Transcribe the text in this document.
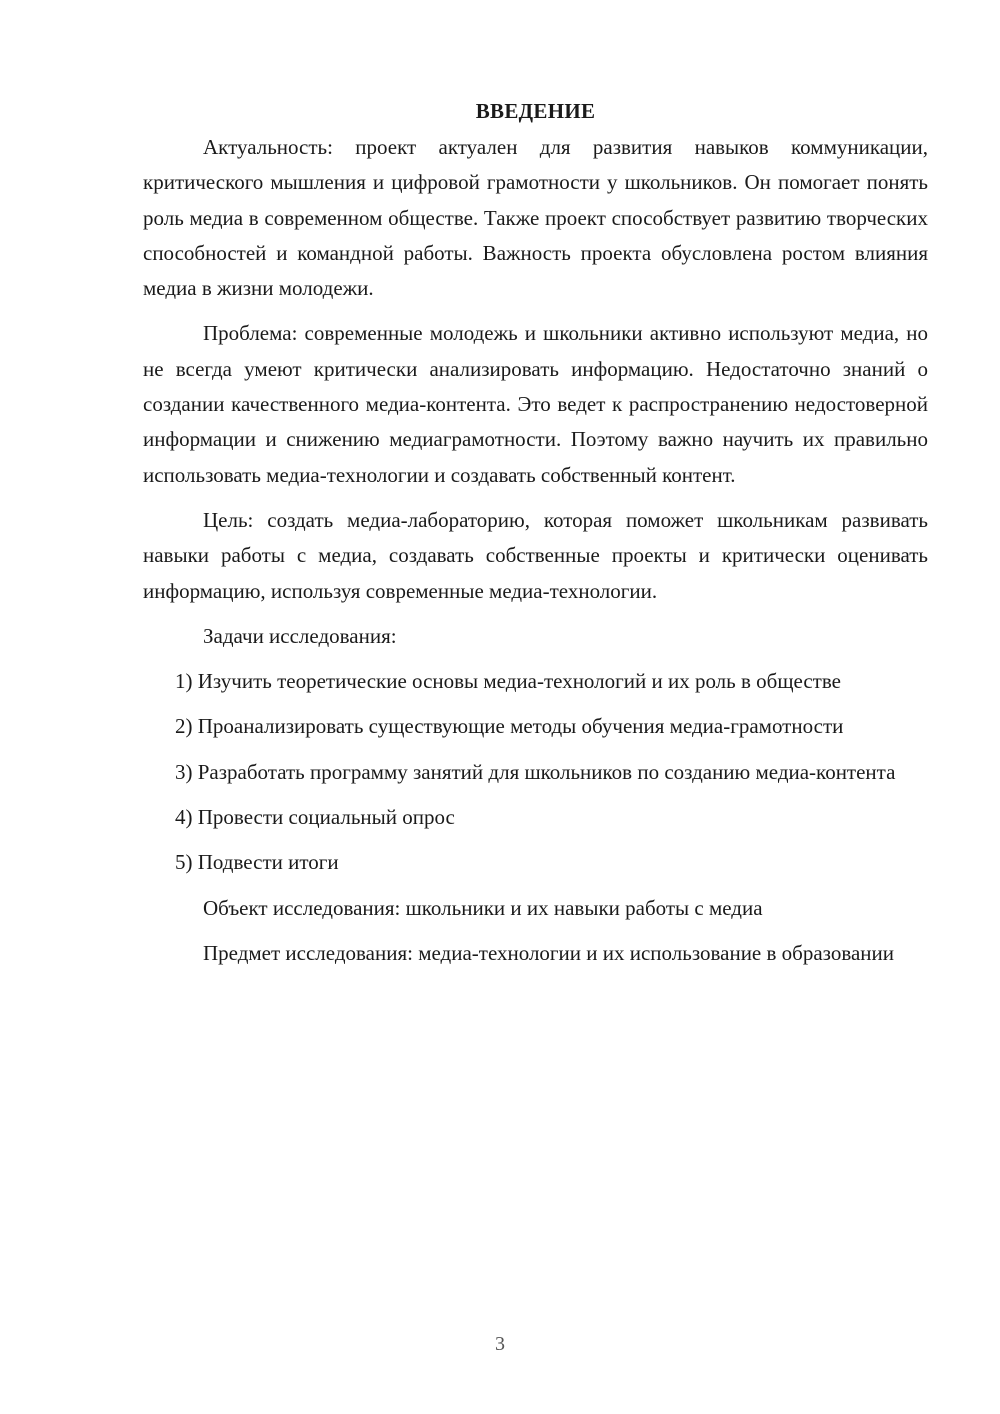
ВВЕДЕНИЕ

Актуальность: проект актуален для развития навыков коммуникации, критического мышления и цифровой грамотности у школьников. Он помогает понять роль медиа в современном обществе. Также проект способствует развитию творческих способностей и командной работы. Важность проекта обусловлена ростом влияния медиа в жизни молодежи.

Проблема: современные молодежь и школьники активно используют медиа, но не всегда умеют критически анализировать информацию. Недостаточно знаний о создании качественного медиа-контента. Это ведет к распространению недостоверной информации и снижению медиаграмотности. Поэтому важно научить их правильно использовать медиа-технологии и создавать собственный контент.

Цель: создать медиа-лабораторию, которая поможет школьникам развивать навыки работы с медиа, создавать собственные проекты и критически оценивать информацию, используя современные медиа-технологии.

Задачи исследования:

1) Изучить теоретические основы медиа-технологий и их роль в обществе

2) Проанализировать существующие методы обучения медиа-грамотности

3) Разработать программу занятий для школьников по созданию медиа-контента

4) Провести социальный опрос

5) Подвести итоги

Объект исследования: школьники и их навыки работы с медиа

Предмет исследования: медиа-технологии и их использование в образовании

3
